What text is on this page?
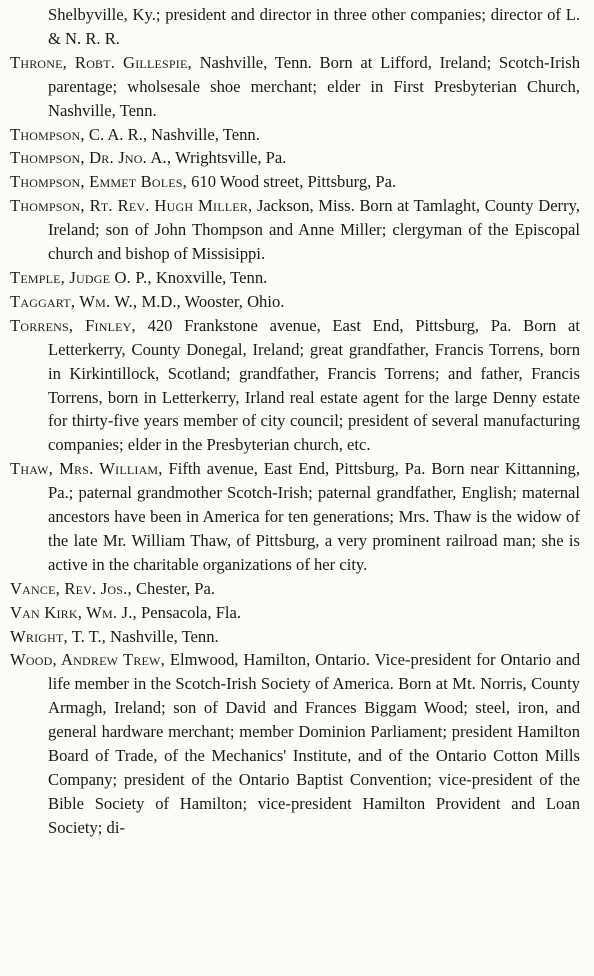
Shelbyville, Ky.; president and director in three other companies; director of L. & N. R. R.

Throne, Robt. Gillespie, Nashville, Tenn. Born at Lifford, Ireland; Scotch-Irish parentage; wholsesale shoe merchant; elder in First Presbyterian Church, Nashville, Tenn.

Thompson, C. A. R., Nashville, Tenn.

Thompson, Dr. Jno. A., Wrightsville, Pa.

Thompson, Emmet Boles, 610 Wood street, Pittsburg, Pa.

Thompson, Rt. Rev. Hugh Miller, Jackson, Miss. Born at Tamlaght, County Derry, Ireland; son of John Thompson and Anne Miller; clergyman of the Episcopal church and bishop of Missisippi.

Temple, Judge O. P., Knoxville, Tenn.

Taggart, Wm. W., M.D., Wooster, Ohio.

Torrens, Finley, 420 Frankstone avenue, East End, Pittsburg, Pa. Born at Letterkerry, County Donegal, Ireland; great grandfather, Francis Torrens, born in Kirkintillock, Scotland; grandfather, Francis Torrens; and father, Francis Torrens, born in Letterkerry, Irland real estate agent for the large Denny estate for thirty-five years member of city council; president of several manufacturing companies; elder in the Presbyterian church, etc.

Thaw, Mrs. William, Fifth avenue, East End, Pittsburg, Pa. Born near Kittanning, Pa.; paternal grandmother Scotch-Irish; paternal grandfather, English; maternal ancestors have been in America for ten generations; Mrs. Thaw is the widow of the late Mr. William Thaw, of Pittsburg, a very prominent railroad man; she is active in the charitable organizations of her city.

Vance, Rev. Jos., Chester, Pa.

Van Kirk, Wm. J., Pensacola, Fla.

Wright, T. T., Nashville, Tenn.

Wood, Andrew Trew, Elmwood, Hamilton, Ontario. Vice-president for Ontario and life member in the Scotch-Irish Society of America. Born at Mt. Norris, County Armagh, Ireland; son of David and Frances Biggam Wood; steel, iron, and general hardware merchant; member Dominion Parliament; president Hamilton Board of Trade, of the Mechanics' Institute, and of the Ontario Cotton Mills Company; president of the Ontario Baptist Convention; vice-president of the Bible Society of Hamilton; vice-president Hamilton Provident and Loan Society; di-
